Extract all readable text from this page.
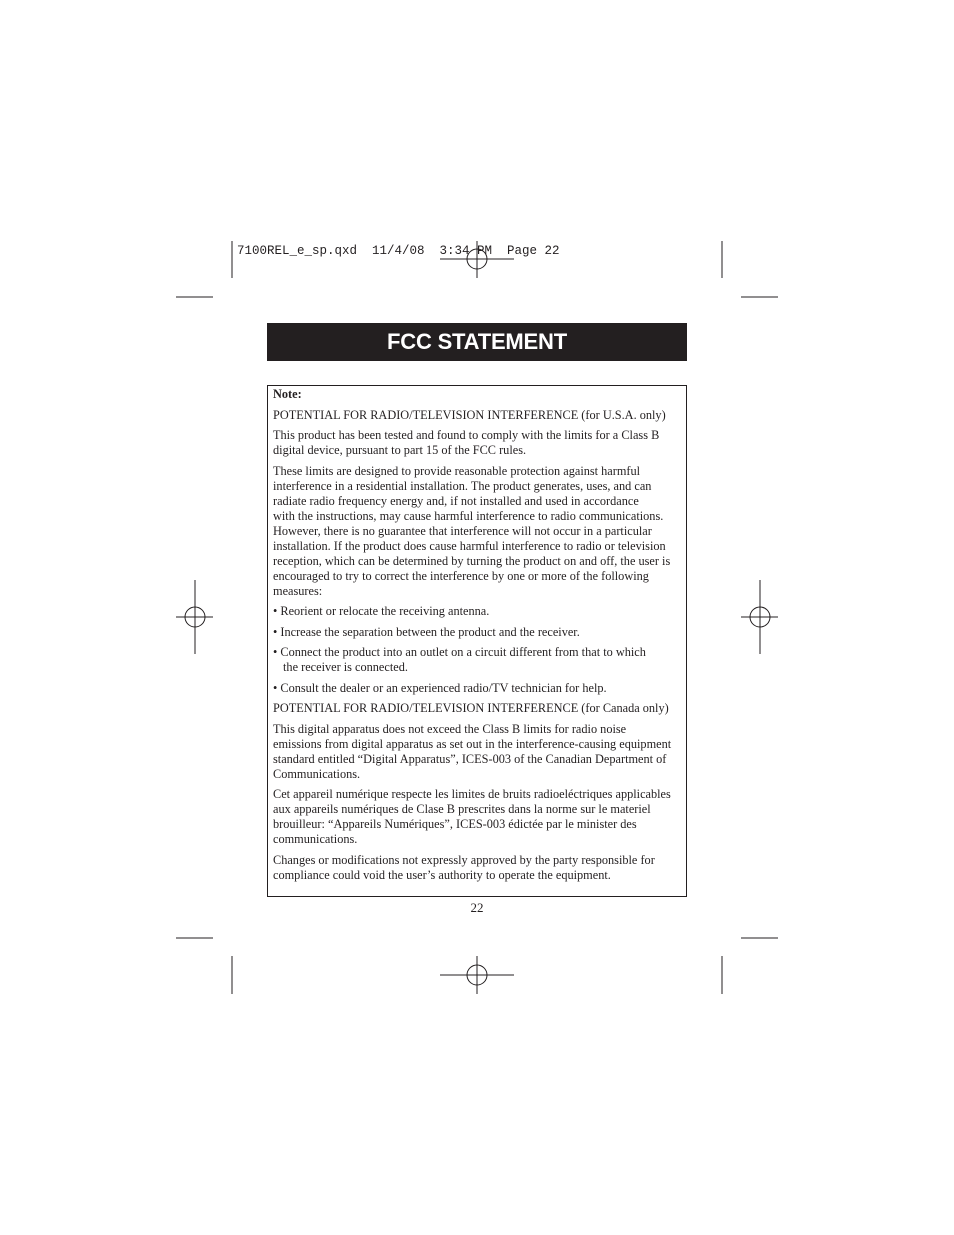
7100REL_e_sp.qxd  11/4/08  3:34 PM  Page 22
FCC STATEMENT
Note:
POTENTIAL FOR RADIO/TELEVISION INTERFERENCE (for U.S.A. only)
This product has been tested and found to comply with the limits for a Class B
digital device, pursuant to part 15 of the FCC rules.
These limits are designed to provide reasonable protection against harmful
interference in a residential installation. The product generates, uses, and can
radiate radio frequency energy and, if not installed and used in accordance
with the instructions, may cause harmful interference to radio communications.
However, there is no guarantee that interference will not occur in a particular
installation. If the product does cause harmful interference to radio or television
reception, which can be determined by turning the product on and off, the user is
encouraged to try to correct the interference by one or more of the following
measures:
• Reorient or relocate the receiving antenna.
• Increase the separation between the product and the receiver.
• Connect the product into an outlet on a circuit different from that to which
the receiver is connected.
• Consult the dealer or an experienced radio/TV technician for help.
POTENTIAL FOR RADIO/TELEVISION INTERFERENCE (for Canada only)
This digital apparatus does not exceed the Class B limits for radio noise
emissions from digital apparatus as set out in the interference-causing equipment
standard entitled “Digital Apparatus”, ICES-003 of the Canadian Department of
Communications.
Cet appareil numérique respecte les limites de bruits radioeléctriques applicables
aux appareils numériques de Clase B prescrites dans la norme sur le materiel
brouilleur: “Appareils Numériques”, ICES-003 édictée par le minister des
communications.
Changes or modifications not expressly approved by the party responsible for
compliance could void the user’s authority to operate the equipment.
22
